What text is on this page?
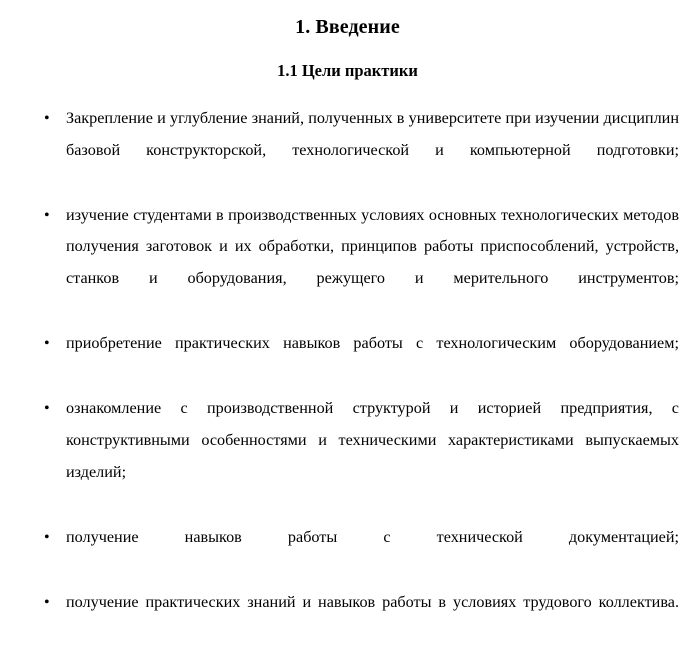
1. Введение
1.1 Цели практики
• Закрепление и углубление знаний, полученных в университете при изучении дисциплин базовой конструкторской, технологической и компьютерной подготовки;
• изучение студентами в производственных условиях основных технологических методов получения заготовок и их обработки, принципов работы приспособлений, устройств, станков и оборудования, режущего и мерительного инструментов;
• приобретение практических навыков работы с технологическим оборудованием;
• ознакомление с производственной структурой и историей предприятия, с конструктивными особенностями и техническими характеристиками выпускаемых изделий;
• получение навыков работы с технической документацией;
• получение практических знаний и навыков работы в условиях трудового коллектива.
